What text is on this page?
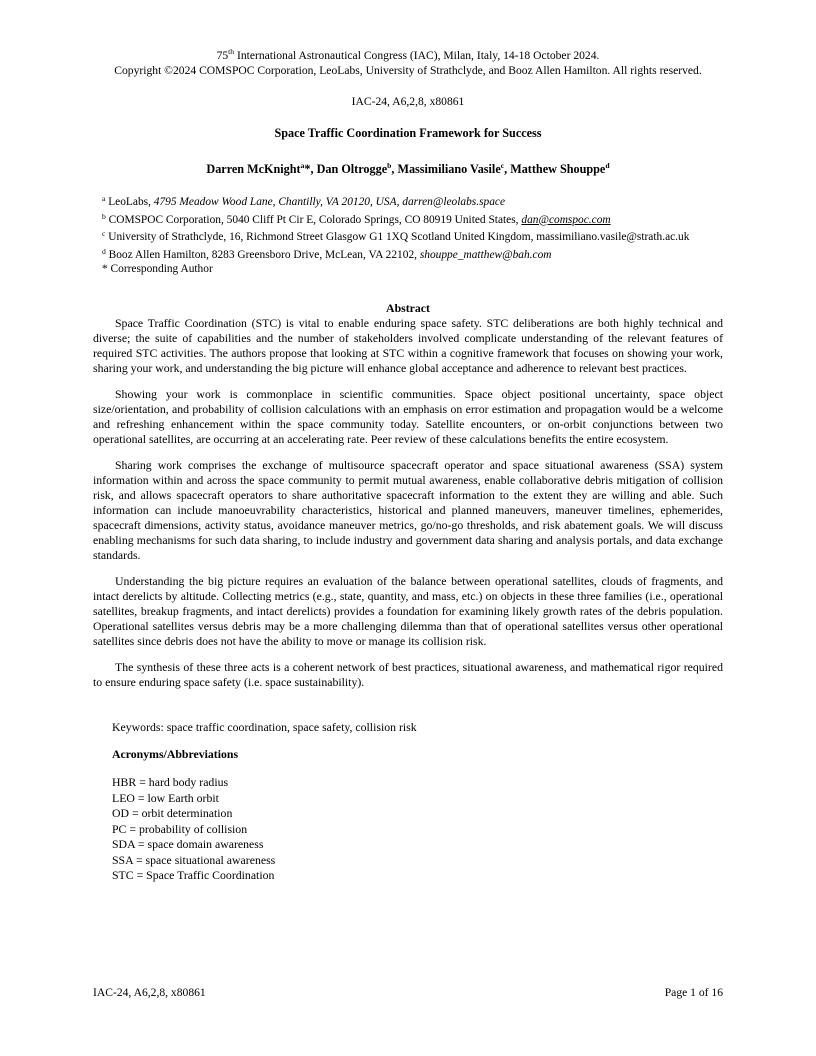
75th International Astronautical Congress (IAC), Milan, Italy, 14-18 October 2024.

Copyright ©2024 COMSPOC Corporation, LeoLabs, University of Strathclyde, and Booz Allen Hamilton. All rights reserved.

IAC-24, A6,2,8, x80861

Space Traffic Coordination Framework for Success

Darren McKnight$^a$*, Dan Oltrogge$^b$, Massimiliano Vasile$^c$, Matthew Shouppe$^d$

$^a$ LeoLabs, 4795 Meadow Wood Lane, Chantilly, VA 20120, USA, darren@leolabs.space

$^b$ COMSPOC Corporation, 5040 Cliff Pt Cir E, Colorado Springs, CO 80919 United States, dan@comspoc.com

$^c$ University of Strathclyde, 16, Richmond Street Glasgow G1 1XQ Scotland United Kingdom, massimiliano.vasile@strath.ac.uk

$^d$ Booz Allen Hamilton, 8283 Greensboro Drive, McLean, VA 22102, shouppe_matthew@bah.com

* Corresponding Author

Abstract

Space Traffic Coordination (STC) is vital to enable enduring space safety. STC deliberations are both highly technical and diverse; the suite of capabilities and the number of stakeholders involved complicate understanding of the relevant features of required STC activities. The authors propose that looking at STC within a cognitive framework that focuses on showing your work, sharing your work, and understanding the big picture will enhance global acceptance and adherence to relevant best practices.

Showing your work is commonplace in scientific communities. Space object positional uncertainty, space object size/orientation, and probability of collision calculations with an emphasis on error estimation and propagation would be a welcome and refreshing enhancement within the space community today. Satellite encounters, or on-orbit conjunctions between two operational satellites, are occurring at an accelerating rate. Peer review of these calculations benefits the entire ecosystem.

Sharing work comprises the exchange of multisource spacecraft operator and space situational awareness (SSA) system information within and across the space community to permit mutual awareness, enable collaborative debris mitigation of collision risk, and allows spacecraft operators to share authoritative spacecraft information to the extent they are willing and able. Such information can include manoeuvrability characteristics, historical and planned maneuvers, maneuver timelines, ephemerides, spacecraft dimensions, activity status, avoidance maneuver metrics, go/no-go thresholds, and risk abatement goals. We will discuss enabling mechanisms for such data sharing, to include industry and government data sharing and analysis portals, and data exchange standards.

Understanding the big picture requires an evaluation of the balance between operational satellites, clouds of fragments, and intact derelicts by altitude. Collecting metrics (e.g., state, quantity, and mass, etc.) on objects in these three families (i.e., operational satellites, breakup fragments, and intact derelicts) provides a foundation for examining likely growth rates of the debris population. Operational satellites versus debris may be a more challenging dilemma than that of operational satellites versus other operational satellites since debris does not have the ability to move or manage its collision risk.

The synthesis of these three acts is a coherent network of best practices, situational awareness, and mathematical rigor required to ensure enduring space safety (i.e. space sustainability).

Keywords: space traffic coordination, space safety, collision risk

Acronyms/Abbreviations
HBR = hard body radius
LEO = low Earth orbit
OD = orbit determination
PC = probability of collision
SDA = space domain awareness
SSA = space situational awareness
STC = Space Traffic Coordination
IAC-24, A6,2,8, x80861	Page 1 of 16
